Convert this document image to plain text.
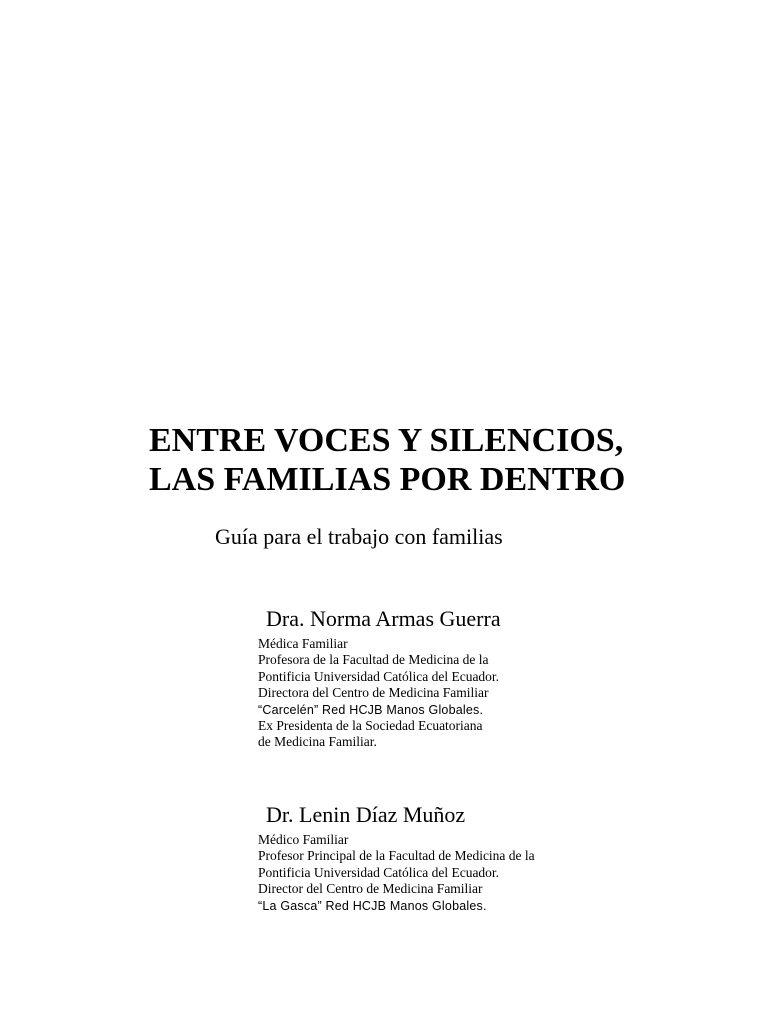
ENTRE VOCES Y SILENCIOS,
LAS FAMILIAS POR DENTRO
Guía para el trabajo con familias
Dra. Norma Armas Guerra
Médica Familiar
Profesora de la Facultad de Medicina de la
Pontificia Universidad Católica del Ecuador.
Directora del Centro de Medicina Familiar
“Carcelén” Red HCJB Manos Globales.
Ex Presidenta de la Sociedad Ecuatoriana
de Medicina Familiar.
Dr. Lenin Díaz Muñoz
Médico Familiar
Profesor Principal de la Facultad de Medicina de la
Pontificia Universidad Católica del Ecuador.
Director del Centro de Medicina Familiar
“La Gasca” Red HCJB Manos Globales.
